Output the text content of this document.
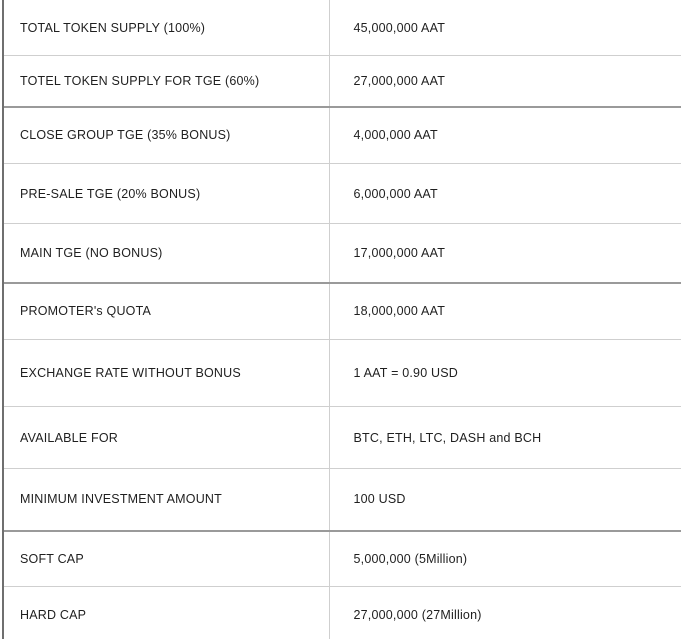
TOTAL TOKEN SUPPLY (100%)	45,000,000 AAT
TOTEL TOKEN SUPPLY FOR TGE (60%)	27,000,000 AAT
CLOSE GROUP TGE (35% BONUS)	4,000,000 AAT
PRE-SALE TGE (20% BONUS)	6,000,000 AAT
MAIN TGE (NO BONUS)	17,000,000 AAT
PROMOTER's QUOTA	18,000,000 AAT
EXCHANGE RATE WITHOUT BONUS	1 AAT = 0.90 USD
AVAILABLE FOR	BTC, ETH, LTC, DASH and BCH
MINIMUM INVESTMENT AMOUNT	100 USD
SOFT CAP	5,000,000 (5Million)
HARD CAP	27,000,000 (27Million)
